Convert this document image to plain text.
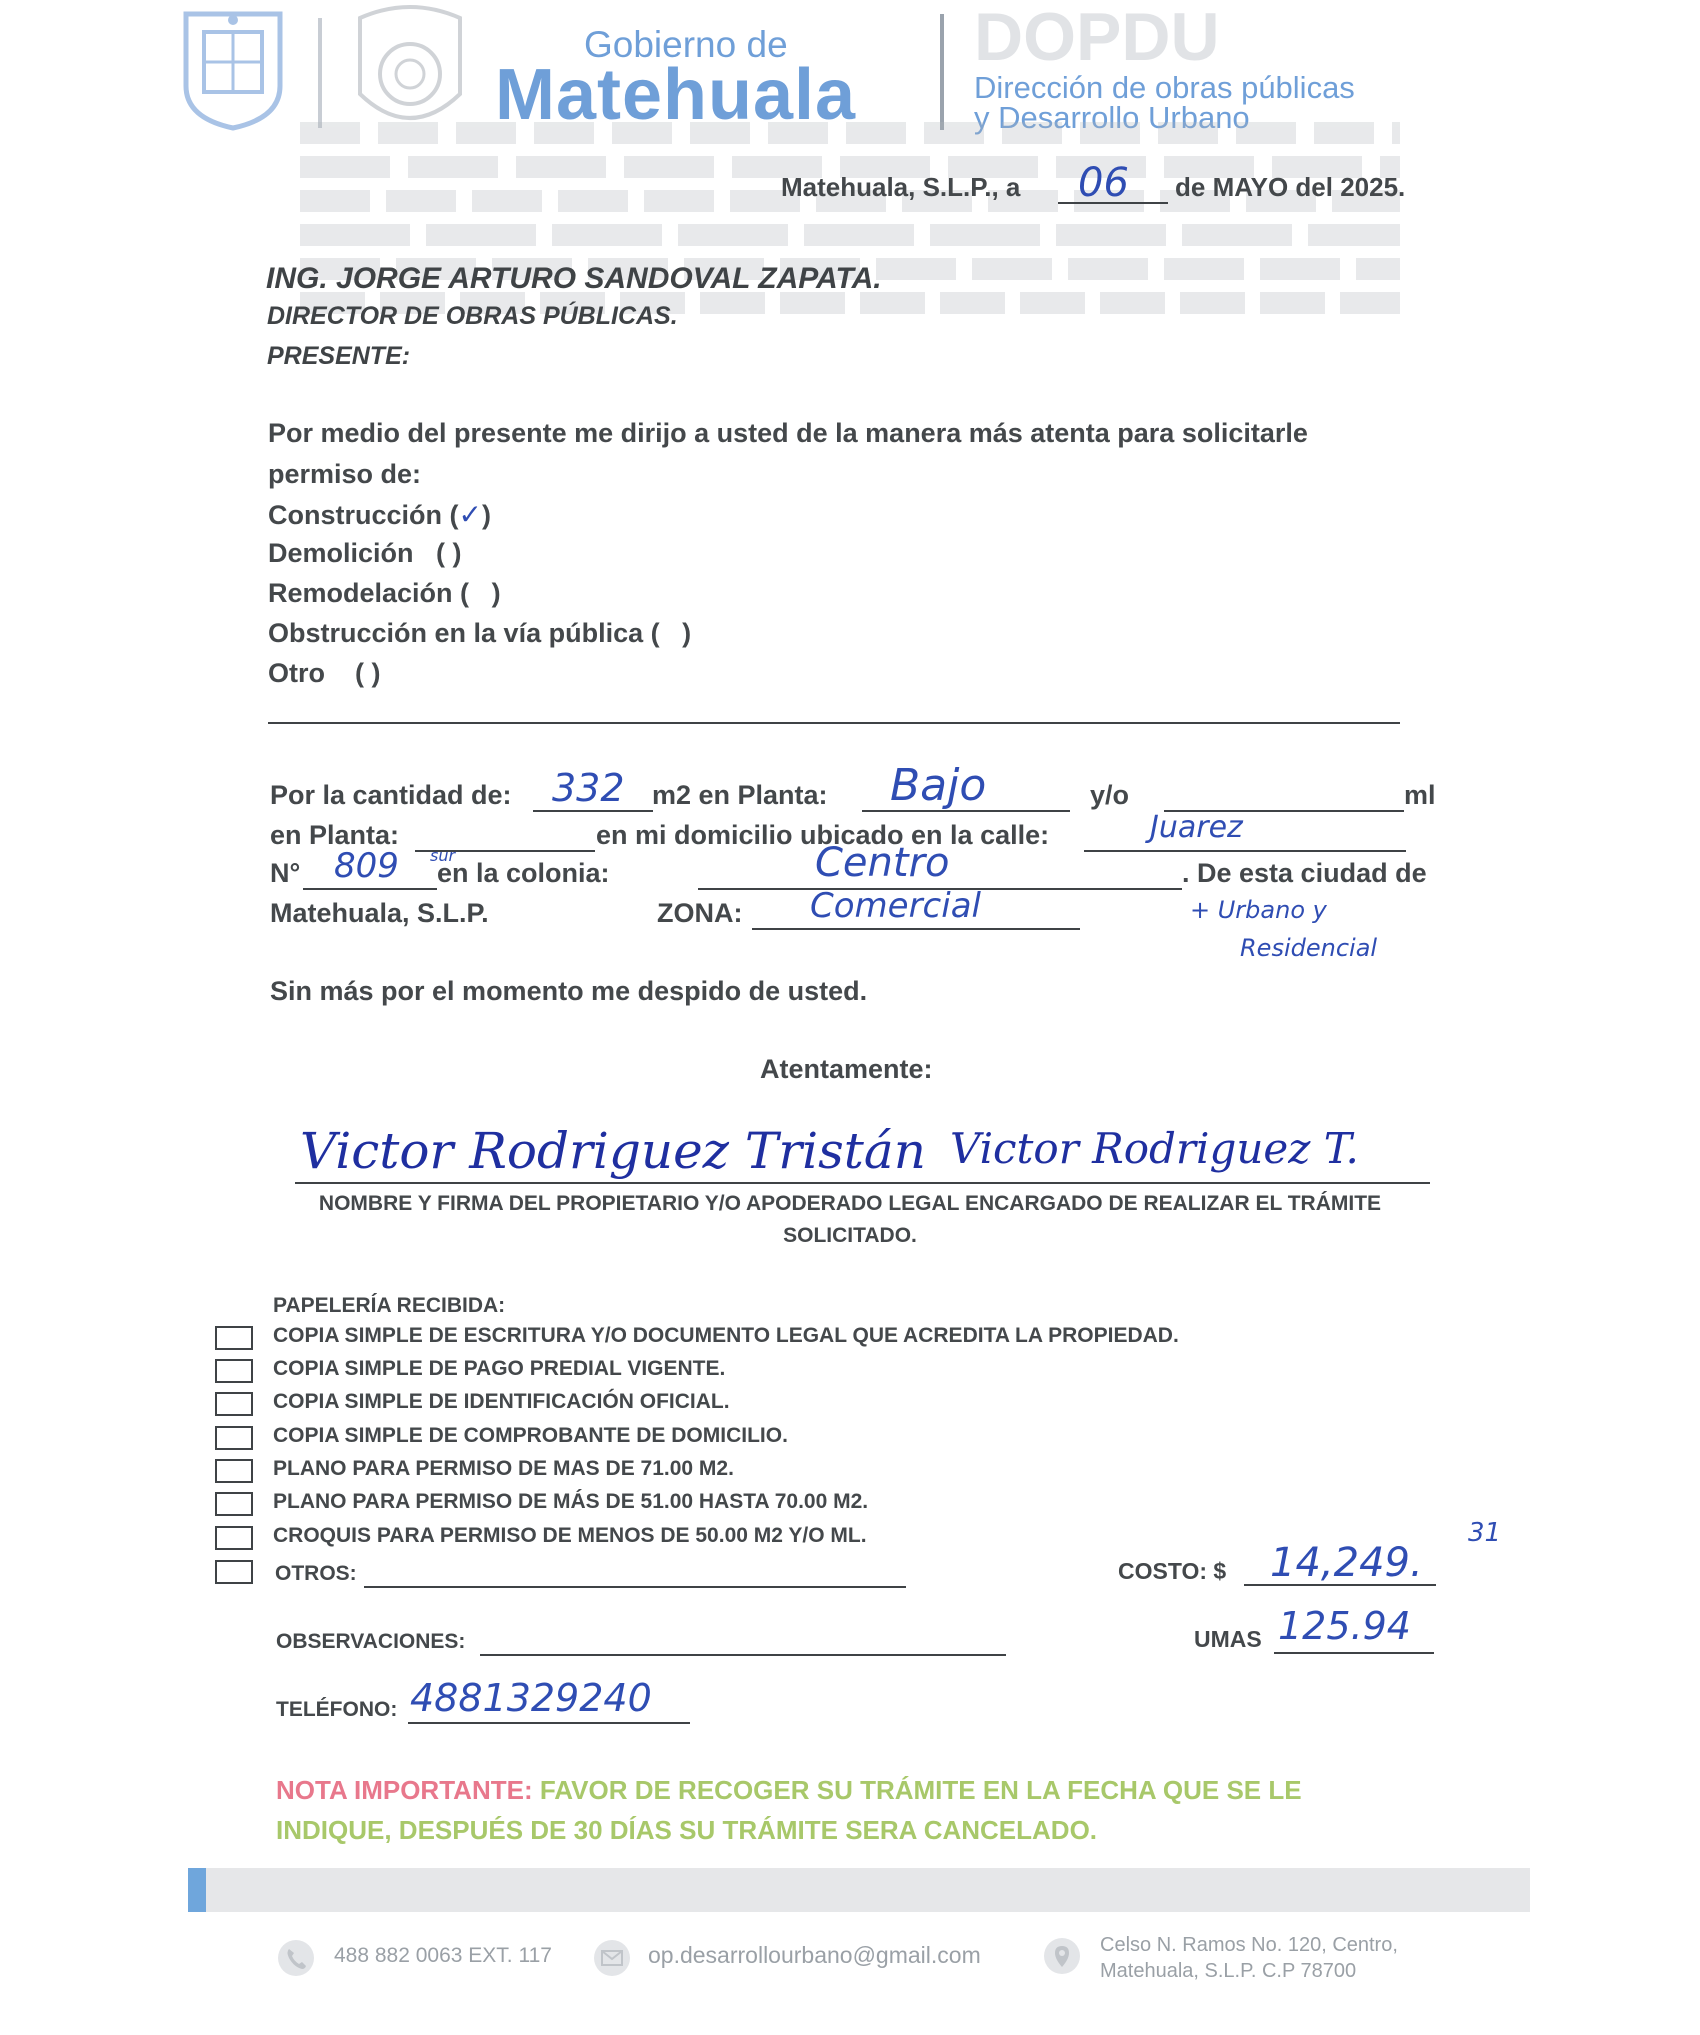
Gobierno de
Matehuala
DOPDU
Dirección de obras públicas
y Desarrollo Urbano
Matehuala, S.L.P., a 06 de MAYO del 2025.
ING. JORGE ARTURO SANDOVAL ZAPATA.
DIRECTOR DE OBRAS PÚBLICAS.
PRESENTE:
Por medio del presente me dirijo a usted de la manera más atenta para solicitarle
permiso de:
Construcción (✓)
Demolición ( )
Remodelación ( )
Obstrucción en la vía pública ( )
Otro ( )
Por la cantidad de: 332 m2 en Planta: Bajo	y/o	ml
en Planta:	en mi domicilio ubicado en la calle:	Juarez
N° 809 sur
en la colonia:	Centro	. De esta ciudad de
Matehuala, S.L.P.	ZONA: Comercial	+ Urbano y
Residencial
Sin más por el momento me despido de usted.
Atentamente:
Victor Rodriguez Tristán Victor Rodriguez T.
NOMBRE Y FIRMA DEL PROPIETARIO Y/O APODERADO LEGAL ENCARGADO DE REALIZAR EL TRÁMITE
SOLICITADO.
PAPELERÍA RECIBIDA:
COPIA SIMPLE DE ESCRITURA Y/O DOCUMENTO LEGAL QUE ACREDITA LA PROPIEDAD.
COPIA SIMPLE DE PAGO PREDIAL VIGENTE.
COPIA SIMPLE DE IDENTIFICACIÓN OFICIAL.
COPIA SIMPLE DE COMPROBANTE DE DOMICILIO.
PLANO PARA PERMISO DE MAS DE 71.00 M2.
PLANO PARA PERMISO DE MÁS DE 51.00 HASTA 70.00 M2.
CROQUIS PARA PERMISO DE MENOS DE 50.00 M2 Y/O ML.
OTROS:	COSTO: $ 14,249.
31
UMAS 125.94
OBSERVACIONES:
TELÉFONO: 4881329240
NOTA IMPORTANTE: FAVOR DE RECOGER SU TRÁMITE EN LA FECHA QUE SE LE
INDIQUE, DESPUÉS DE 30 DÍAS SU TRÁMITE SERA CANCELADO.
488 882 0063 EXT. 117	op.desarrollourbano@gmail.com	Celso N. Ramos No. 120, Centro,
Matehuala, S.L.P. C.P 78700
